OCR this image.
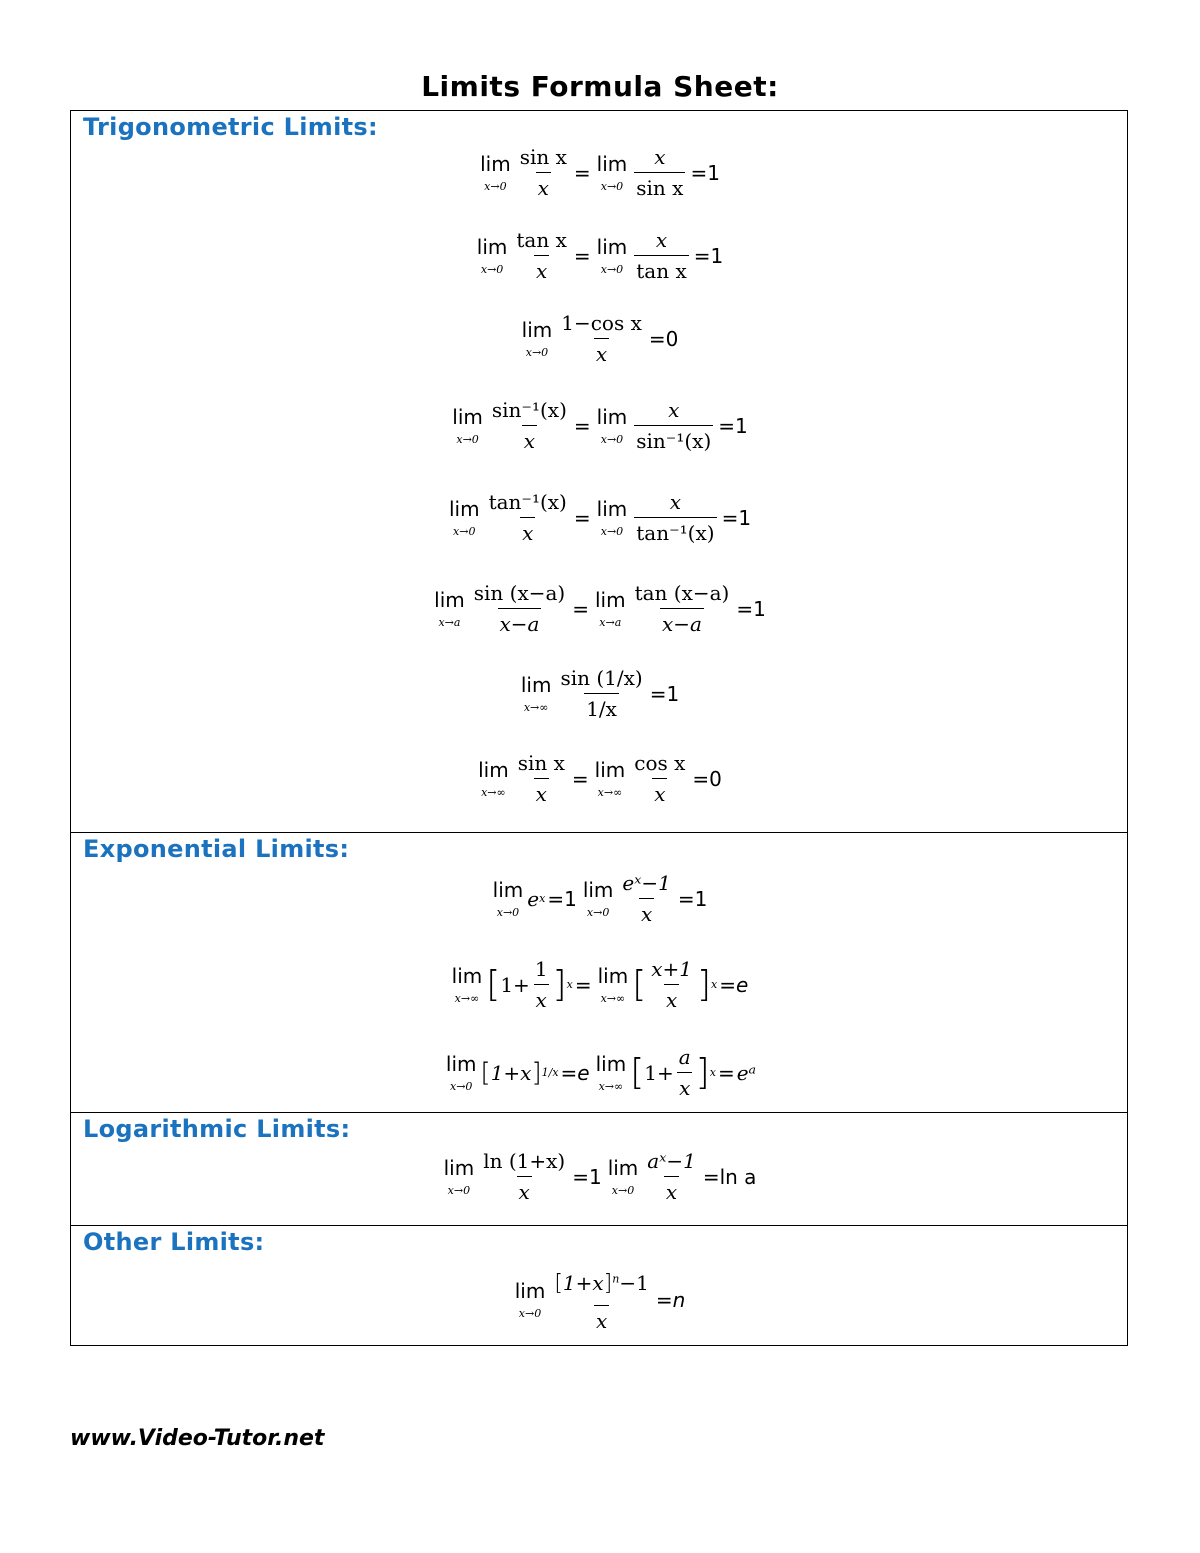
Limits Formula Sheet:
Trigonometric Limits:
lim
$x\to 0 \frac{\text{sin x}}{x} = \lim$
$x\to 0 \frac{x}{\text{sin x}} =1$
lim
$x\to 0 \frac{\text{tan x}}{x} = \lim$
$x\to 0 \frac{x}{\text{tan x}} =1$
lim
$x\to 0 \frac{\text{1−cos x}}{x} =0$
lim
$x\to 0 \frac{\text{sin⁻¹(x)}}{x} = \lim$
$x\to 0 \frac{x}{\text{sin⁻¹(x)}} =1$
lim
$x\to 0 \frac{\text{tan⁻¹(x)}}{x} = \lim$
$x\to 0 \frac{x}{\text{tan⁻¹(x)}} =1$
lim
$x\to a \frac{\sin (x-a)}{x-a} = \lim$
$x\to a \frac{\tan (x-a)}{x-a} =1$
lim
$x\to\infty \frac{\sin (1/x)}{1/x} =1$
lim
$x\to\infty \frac{\text{sin x}}{x} = \lim$
$x\to\infty \frac{\text{cos x}}{x} =0$
Exponential Limits:
lim
x→0
e x =1 lim
$x\to 0 \frac{\text{eˣ−1}}{x} =1$
lim
x→∞ [ $1+ \frac{1}{x}$ ] x = lim
x→∞ [ $\frac{x+1}{x}$ ] x =e
lim
x→0 [ 1+x ] 1/x =e lim
x→∞ [ $1+ \frac{a}{x}$ ] x = eᵃ
Logarithmic Limits:
lim
$x\to 0 \frac{\ln (1+x)}{x} =1$ lim
$x\to 0 \frac{\text{aˣ−1}}{x} =\ln$ a
Other Limits:
lim
$x\to 0 \frac{[1+x]^n-1}{x} =n$
www.Video-Tutor.net
